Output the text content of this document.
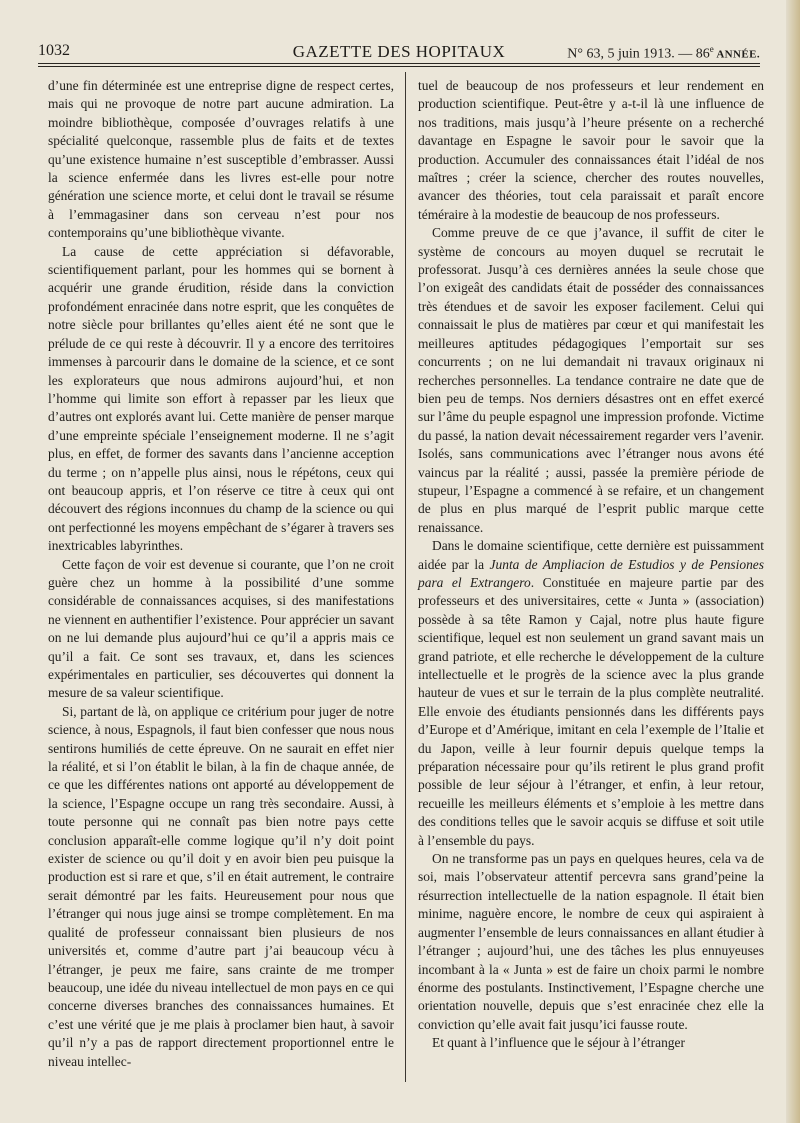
1032	GAZETTE DES HOPITAUX	N° 63, 5 juin 1913. — 86e ANNÉE.

d’une fin déterminée est une entreprise digne de respect certes, mais qui ne provoque de notre part aucune admiration. La moindre bibliothèque, composée d’ouvrages relatifs à une spécialité quelconque, rassemble plus de faits et de textes qu’une existence humaine n’est susceptible d’embrasser. Aussi la science enfermée dans les livres est-elle pour notre génération une science morte, et celui dont le travail se résume à l’emmagasiner dans son cerveau n’est pour nos contemporains qu’une bibliothèque vivante.

La cause de cette appréciation si défavorable, scientifiquement parlant, pour les hommes qui se bornent à acquérir une grande érudition, réside dans la conviction profondément enracinée dans notre esprit, que les conquêtes de notre siècle pour brillantes qu’elles aient été ne sont que le prélude de ce qui reste à découvrir. Il y a encore des territoires immenses à parcourir dans le domaine de la science, et ce sont les explorateurs que nous admirons aujourd’hui, et non l’homme qui limite son effort à repasser par les lieux que d’autres ont explorés avant lui. Cette manière de penser marque d’une empreinte spéciale l’enseignement moderne. Il ne s’agit plus, en effet, de former des savants dans l’ancienne acception du terme ; on n’appelle plus ainsi, nous le répétons, ceux qui ont beaucoup appris, et l’on réserve ce titre à ceux qui ont découvert des régions inconnues du champ de la science ou qui ont perfectionné les moyens empêchant de s’égarer à travers ses inextricables labyrinthes.

Cette façon de voir est devenue si courante, que l’on ne croit guère chez un homme à la possibilité d’une somme considérable de connaissances acquises, si des manifestations ne viennent en authentifier l’existence. Pour apprécier un savant on ne lui demande plus aujourd’hui ce qu’il a appris mais ce qu’il a fait. Ce sont ses travaux, et, dans les sciences expérimentales en particulier, ses découvertes qui donnent la mesure de sa valeur scientifique.

Si, partant de là, on applique ce critérium pour juger de notre science, à nous, Espagnols, il faut bien confesser que nous nous sentirons humiliés de cette épreuve. On ne saurait en effet nier la réalité, et si l’on établit le bilan, à la fin de chaque année, de ce que les différentes nations ont apporté au développement de la science, l’Espagne occupe un rang très secondaire. Aussi, à toute personne qui ne connaît pas bien notre pays cette conclusion apparaît-elle comme logique qu’il n’y doit point exister de science ou qu’il doit y en avoir bien peu puisque la production est si rare et que, s’il en était autrement, le contraire serait démontré par les faits. Heureusement pour nous que l’étranger qui nous juge ainsi se trompe complètement. En ma qualité de professeur connaissant bien plusieurs de nos universités et, comme d’autre part j’ai beaucoup vécu à l’étranger, je peux me faire, sans crainte de me tromper beaucoup, une idée du niveau intellectuel de mon pays en ce qui concerne diverses branches des connaissances humaines. Et c’est une vérité que je me plais à proclamer bien haut, à savoir qu’il n’y a pas de rapport directement proportionnel entre le niveau intellec-

tuel de beaucoup de nos professeurs et leur rendement en production scientifique. Peut-être y a-t-il là une influence de nos traditions, mais jusqu’à l’heure présente on a recherché davantage en Espagne le savoir pour le savoir que la production. Accumuler des connaissances était l’idéal de nos maîtres ; créer la science, chercher des routes nouvelles, avancer des théories, tout cela paraissait et paraît encore téméraire à la modestie de beaucoup de nos professeurs.

Comme preuve de ce que j’avance, il suffit de citer le système de concours au moyen duquel se recrutait le professorat. Jusqu’à ces dernières années la seule chose que l’on exigeât des candidats était de posséder des connaissances très étendues et de savoir les exposer facilement. Celui qui connaissait le plus de matières par cœur et qui manifestait les meilleures aptitudes pédagogiques l’emportait sur ses concurrents ; on ne lui demandait ni travaux originaux ni recherches personnelles. La tendance contraire ne date que de bien peu de temps. Nos derniers désastres ont en effet exercé sur l’âme du peuple espagnol une impression profonde. Victime du passé, la nation devait nécessairement regarder vers l’avenir. Isolés, sans communications avec l’étranger nous avons été vaincus par la réalité ; aussi, passée la première période de stupeur, l’Espagne a commencé à se refaire, et un changement de plus en plus marqué de l’esprit public marque cette renaissance.

Dans le domaine scientifique, cette dernière est puissamment aidée par la Junta de Ampliacion de Estudios y de Pensiones para el Extrangero. Constituée en majeure partie par des professeurs et des universitaires, cette « Junta » (association) possède à sa tête Ramon y Cajal, notre plus haute figure scientifique, lequel est non seulement un grand savant mais un grand patriote, et elle recherche le développement de la culture intellectuelle et le progrès de la science avec la plus grande hauteur de vues et sur le terrain de la plus complète neutralité. Elle envoie des étudiants pensionnés dans les différents pays d’Europe et d’Amérique, imitant en cela l’exemple de l’Italie et du Japon, veille à leur fournir depuis quelque temps la préparation nécessaire pour qu’ils retirent le plus grand profit possible de leur séjour à l’étranger, et enfin, à leur retour, recueille les meilleurs éléments et s’emploie à les mettre dans des conditions telles que le savoir acquis se diffuse et soit utile à l’ensemble du pays.

On ne transforme pas un pays en quelques heures, cela va de soi, mais l’observateur attentif percevra sans grand’peine la résurrection intellectuelle de la nation espagnole. Il était bien minime, naguère encore, le nombre de ceux qui aspiraient à augmenter l’ensemble de leurs connaissances en allant étudier à l’étranger ; aujourd’hui, une des tâches les plus ennuyeuses incombant à la « Junta » est de faire un choix parmi le nombre énorme des postulants. Instinctivement, l’Espagne cherche une orientation nouvelle, depuis que s’est enracinée chez elle la conviction qu’elle avait fait jusqu’ici fausse route.

Et quant à l’influence que le séjour à l’étranger
